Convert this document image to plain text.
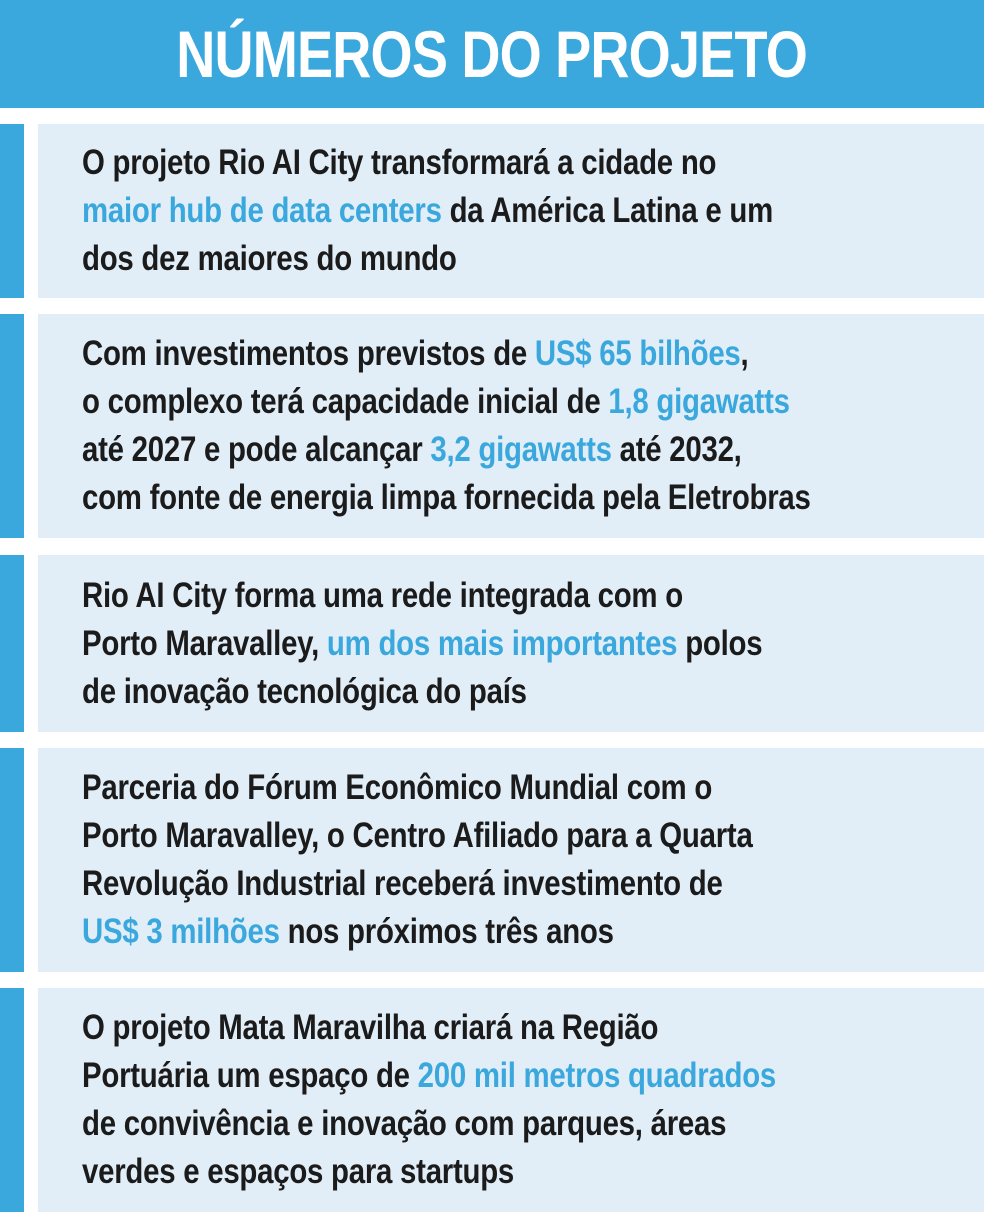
NÚMEROS DO PROJETO

O projeto Rio AI City transformará a cidade no
maior hub de data centers da América Latina e um
dos dez maiores do mundo

Com investimentos previstos de US$ 65 bilhões,
o complexo terá capacidade inicial de 1,8 gigawatts
até 2027 e pode alcançar 3,2 gigawatts até 2032,
com fonte de energia limpa fornecida pela Eletrobras

Rio AI City forma uma rede integrada com o
Porto Maravalley, um dos mais importantes polos
de inovação tecnológica do país

Parceria do Fórum Econômico Mundial com o
Porto Maravalley, o Centro Afiliado para a Quarta
Revolução Industrial receberá investimento de
US$ 3 milhões nos próximos três anos

O projeto Mata Maravilha criará na Região
Portuária um espaço de 200 mil metros quadrados
de convivência e inovação com parques, áreas
verdes e espaços para startups
